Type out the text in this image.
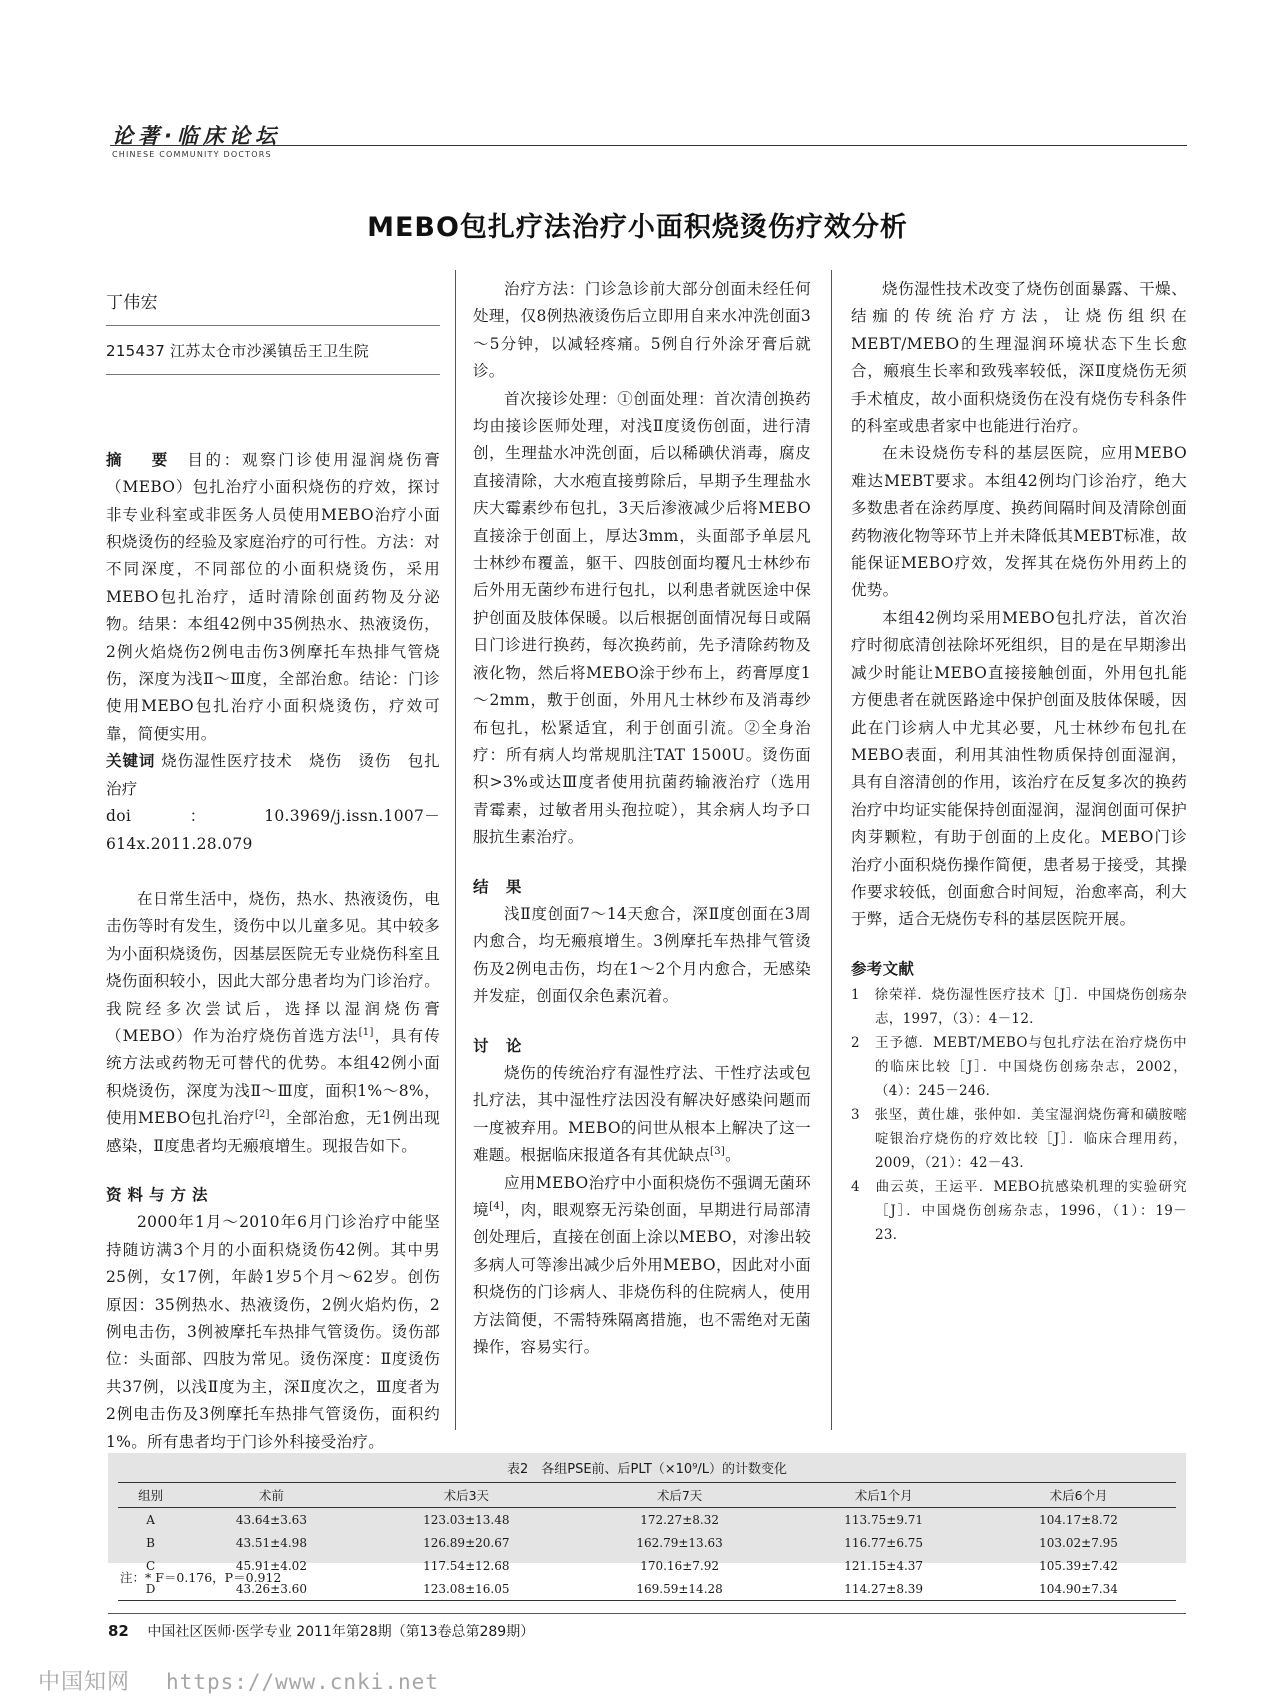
论著·临床论坛
CHINESE COMMUNITY DOCTORS
MEBO包扎疗法治疗小面积烧烫伤疗效分析

丁伟宏

215437 江苏太仓市沙溪镇岳王卫生院

摘 要 目的：观察门诊使用湿润烧伤膏（MEBO）包扎治疗小面积烧伤的疗效，探讨非专业科室或非医务人员使用MEBO治疗小面积烧烫伤的经验及家庭治疗的可行性。方法：对不同深度，不同部位的小面积烧烫伤，采用MEBO包扎治疗，适时清除创面药物及分泌物。结果：本组42例中35例热水、热液烫伤，2例火焰烧伤2例电击伤3例摩托车热排气管烧伤，深度为浅Ⅱ～Ⅲ度，全部治愈。结论：门诊使用MEBO包扎治疗小面积烧烫伤，疗效可靠，简便实用。

关键词 烧伤湿性医疗技术　烧伤　烫伤　包扎治疗

doi：10.3969/j.issn.1007－614x.2011.28.079

在日常生活中，烧伤，热水、热液烫伤，电击伤等时有发生，烫伤中以儿童多见。其中较多为小面积烧烫伤，因基层医院无专业烧伤科室且烧伤面积较小，因此大部分患者均为门诊治疗。我院经多次尝试后，选择以湿润烧伤膏（MEBO）作为治疗烧伤首选方法[1]，具有传统方法或药物无可替代的优势。本组42例小面积烧烫伤，深度为浅Ⅱ～Ⅲ度，面积1%～8%，使用MEBO包扎治疗[2]，全部治愈，无1例出现感染，Ⅱ度患者均无瘢痕增生。现报告如下。

资料与方法

2000年1月～2010年6月门诊治疗中能坚持随访满3个月的小面积烧烫伤42例。其中男25例，女17例，年龄1岁5个月～62岁。创伤原因：35例热水、热液烫伤，2例火焰灼伤，2例电击伤，3例被摩托车热排气管烫伤。烫伤部位：头面部、四肢为常见。烫伤深度：Ⅱ度烫伤共37例，以浅Ⅱ度为主，深Ⅱ度次之，Ⅲ度者为2例电击伤及3例摩托车热排气管烫伤，面积约1%。所有患者均于门诊外科接受治疗。

治疗方法：门诊急诊前大部分创面未经任何处理，仅8例热液烫伤后立即用自来水冲洗创面3～5分钟，以减轻疼痛。5例自行外涂牙膏后就诊。

首次接诊处理：①创面处理：首次清创换药均由接诊医师处理，对浅Ⅱ度烫伤创面，进行清创，生理盐水冲洗创面，后以稀碘伏消毒，腐皮直接清除，大水疱直接剪除后，早期予生理盐水庆大霉素纱布包扎，3天后渗液减少后将MEBO直接涂于创面上，厚达3mm，头面部予单层凡士林纱布覆盖，躯干、四肢创面均覆凡士林纱布后外用无菌纱布进行包扎，以利患者就医途中保护创面及肢体保暖。以后根据创面情况每日或隔日门诊进行换药，每次换药前，先予清除药物及液化物，然后将MEBO涂于纱布上，药膏厚度1～2mm，敷于创面，外用凡士林纱布及消毒纱布包扎，松紧适宜，利于创面引流。②全身治疗：所有病人均常规肌注TAT 1500U。烫伤面积>3%或达Ⅲ度者使用抗菌药输液治疗（选用青霉素，过敏者用头孢拉啶），其余病人均予口服抗生素治疗。

结 果

浅Ⅱ度创面7～14天愈合，深Ⅱ度创面在3周内愈合，均无瘢痕增生。3例摩托车热排气管烫伤及2例电击伤，均在1～2个月内愈合，无感染并发症，创面仅余色素沉着。

讨 论

烧伤的传统治疗有湿性疗法、干性疗法或包扎疗法，其中湿性疗法因没有解决好感染问题而一度被弃用。MEBO的问世从根本上解决了这一难题。根据临床报道各有其优缺点[3]。

应用MEBO治疗中小面积烧伤不强调无菌环境[4]，肉，眼观察无污染创面，早期进行局部清创处理后，直接在创面上涂以MEBO，对渗出较多病人可等渗出减少后外用MEBO，因此对小面积烧伤的门诊病人、非烧伤科的住院病人，使用方法简便，不需特殊隔离措施，也不需绝对无菌操作，容易实行。

烧伤湿性技术改变了烧伤创面暴露、干燥、结痂的传统治疗方法，让烧伤组织在MEBT/MEBO的生理湿润环境状态下生长愈合，瘢痕生长率和致残率较低，深Ⅱ度烧伤无须手术植皮，故小面积烧烫伤在没有烧伤专科条件的科室或患者家中也能进行治疗。

在未设烧伤专科的基层医院，应用MEBO难达MEBT要求。本组42例均门诊治疗，绝大多数患者在涂药厚度、换药间隔时间及清除创面药物液化物等环节上并未降低其MEBT标准，故能保证MEBO疗效，发挥其在烧伤外用药上的优势。

本组42例均采用MEBO包扎疗法，首次治疗时彻底清创祛除坏死组织，目的是在早期渗出减少时能让MEBO直接接触创面，外用包扎能方便患者在就医路途中保护创面及肢体保暖，因此在门诊病人中尤其必要，凡士林纱布包扎在MEBO表面，利用其油性物质保持创面湿润，具有自溶清创的作用，该治疗在反复多次的换药治疗中均证实能保持创面湿润，湿润创面可保护肉芽颗粒，有助于创面的上皮化。MEBO门诊治疗小面积烧伤操作简便，患者易于接受，其操作要求较低，创面愈合时间短，治愈率高，利大于弊，适合无烧伤专科的基层医院开展。

参考文献

1　徐荣祥．烧伤湿性医疗技术［J］．中国烧伤创疡杂志，1997，（3）：4－12．

2　王予德．MEBT/MEBO与包扎疗法在治疗烧伤中的临床比较［J］．中国烧伤创疡杂志，2002，（4）：245－246．

3　张坚，黄仕雄，张仲如．美宝湿润烧伤膏和磺胺嘧啶银治疗烧伤的疗效比较［J］．临床合理用药，2009，（21）：42－43．

4　曲云英，王运平．MEBO抗感染机理的实验研究［J］．中国烧伤创疡杂志，1996，（1）：19－23．

表2　各组PSE前、后PLT（×10⁹/L）的计数变化
组别	术前	术后3天	术后7天	术后1个月	术后6个月
A	43.64±3.63	123.03±13.48	172.27±8.32	113.75±9.71	104.17±8.72
B	43.51±4.98	126.89±20.67	162.79±13.63	116.77±6.75	103.02±7.95
C	45.91±4.02	117.54±12.68	170.16±7.92	121.15±4.37	105.39±7.42
D	43.26±3.60	123.08±16.05	169.59±14.28	114.27±8.39	104.90±7.34
注：* F＝0.176，P＝0.912
82 中国社区医师·医学专业 2011年第28期（第13卷总第289期）
中国知网 https://www.cnki.net
